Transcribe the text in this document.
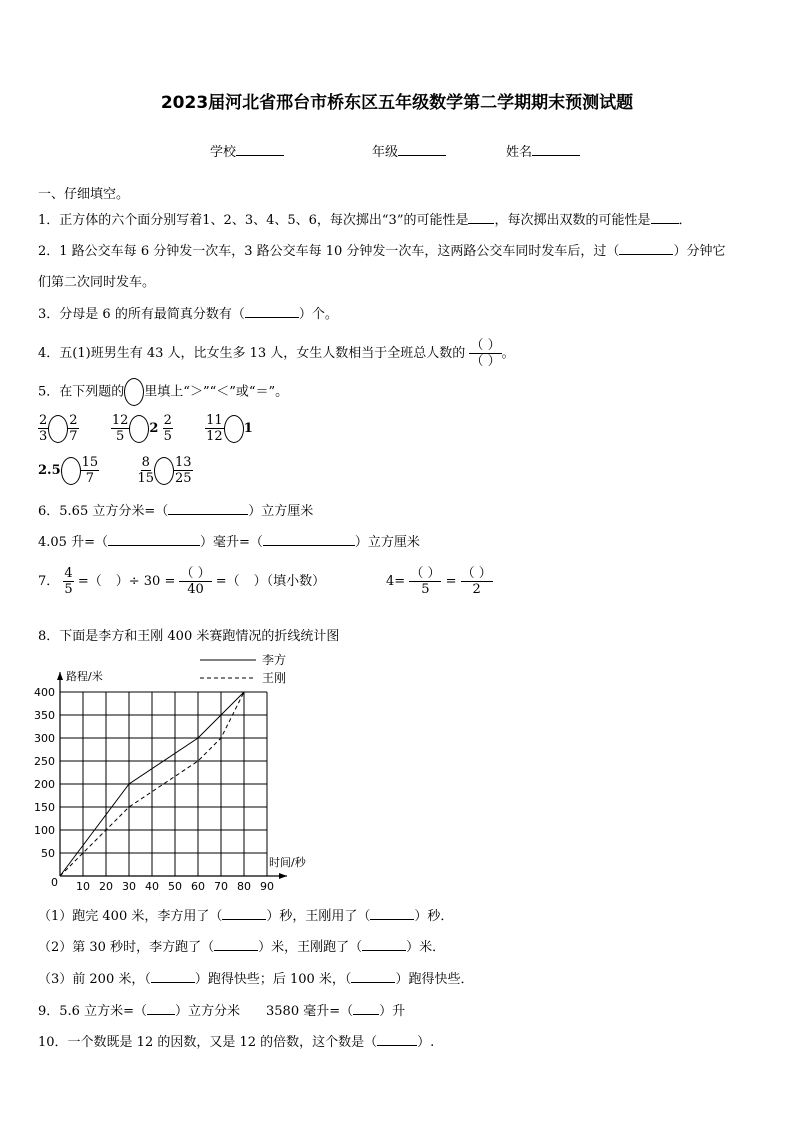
2023届河北省邢台市桥东区五年级数学第二学期期末预测试题
学校	年级	姓名
一、仔细填空。
1．正方体的六个面分别写着1、2、3、4、5、6，每次掷出“3”的可能性是 ，每次掷出双数的可能性是 ．
2．1 路公交车每 6 分钟发一次车，3 路公交车每 10 分钟发一次车，这两路公交车同时发车后，过（	）分钟它
们第二次同时发车。
3．分母是 6 的所有最简真分数有（	）个。
4．五(1)班男生有 43 人，比女生多 13 人，女生人数相当于全班总人数的 $\frac{( )}{( )}$ 。
5．在下列题的 里填上“＞”“＜”或“＝”。
$\frac{2}{3} \frac{2}{7}$
$\frac{12}{5} 2 \frac{2}{5}$
$\frac{11}{12} 1$
$2.5 \frac{15}{7}$
	$\frac{8}{15} \frac{13}{25}$
6．5.65 立方分米=（	）立方厘米
4.05 升=（	）毫升=（	）立方厘米
7． $\frac{4}{5}$ =（ ）÷ $30 = \frac{( )}{40}$ =（ ）（填小数）	$4= \frac{( )}{5} = \frac{( )}{2}$
8．下面是李方和王刚 400 米赛跑情况的折线统计图
10 20 30 40 50 60 70 80 90
50
100
150
200
250
300
350
400
0
路程/米
时间/秒
李方
王刚
（1）跑完 400 米，李方用了（	）秒，王刚用了（	）秒．
（2）第 30 秒时，李方跑了（	）米，王刚跑了（	）米．
（3）前 200 米，（	）跑得快些；后 100 米，（	）跑得快些．
9．5.6 立方米=（ ）立方分米 3580 毫升=（ ）升
10．一个数既是 12 的因数，又是 12 的倍数，这个数是（	）.
